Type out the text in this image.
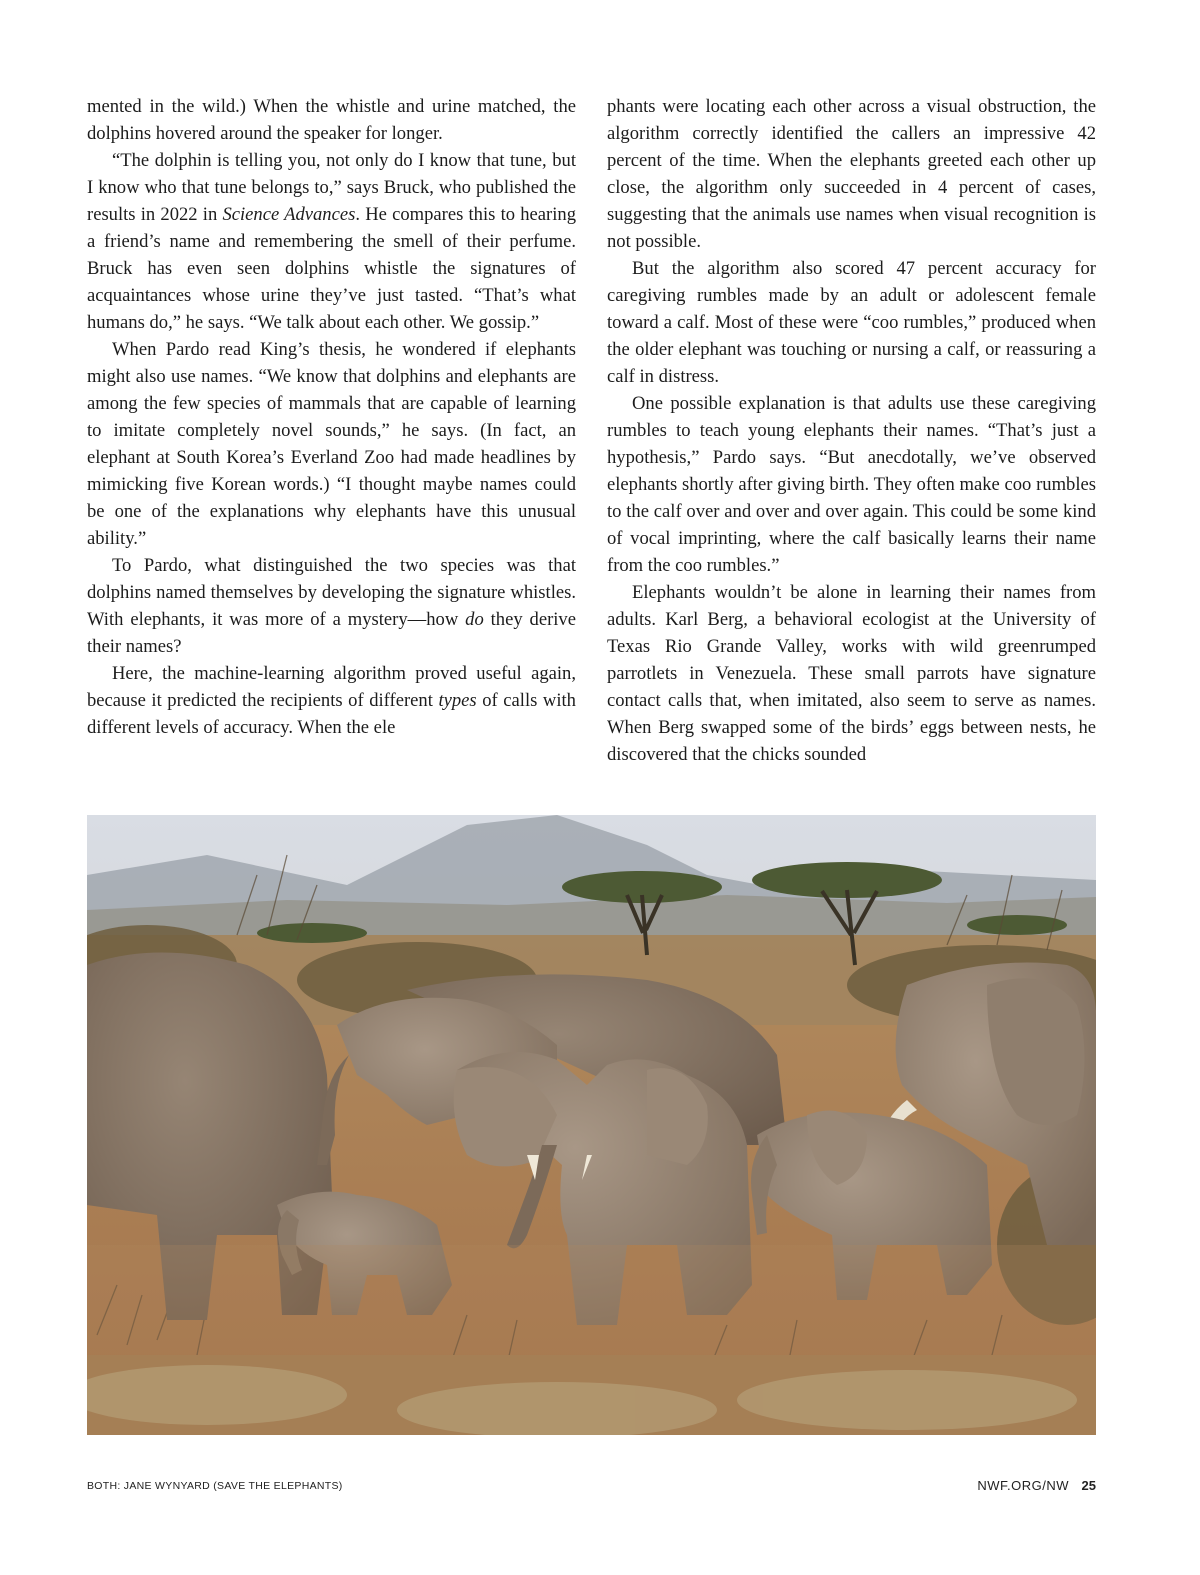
mented in the wild.) When the whistle and urine matched, the dolphins hovered around the speaker for longer.

“The dolphin is telling you, not only do I know that tune, but I know who that tune belongs to,” says Bruck, who published the results in 2022 in Science Advances. He compares this to hearing a friend’s name and remembering the smell of their perfume. Bruck has even seen dolphins whistle the signatures of acquaintances whose urine they’ve just tasted. “That’s what humans do,” he says. “We talk about each other. We gossip.”

When Pardo read King’s thesis, he wondered if elephants might also use names. “We know that dolphins and elephants are among the few species of mammals that are capable of learning to imitate completely novel sounds,” he says. (In fact, an elephant at South Korea’s Everland Zoo had made headlines by mimicking five Korean words.) “I thought maybe names could be one of the explanations why elephants have this unusual ability.”

To Pardo, what distinguished the two species was that dolphins named themselves by developing the signature whistles. With elephants, it was more of a mystery—how do they derive their names?

Here, the machine-learning algorithm proved useful again, because it predicted the recipients of different types of calls with different levels of accuracy. When the ele

phants were locating each other across a visual obstruction, the algorithm correctly identified the callers an impressive 42 percent of the time. When the elephants greeted each other up close, the algorithm only succeeded in 4 percent of cases, suggesting that the animals use names when visual recognition is not possible.

But the algorithm also scored 47 percent accuracy for caregiving rumbles made by an adult or adolescent female toward a calf. Most of these were “coo rumbles,” produced when the older elephant was touching or nursing a calf, or reassuring a calf in distress.

One possible explanation is that adults use these caregiving rumbles to teach young elephants their names. “That’s just a hypothesis,” Pardo says. “But anecdotally, we’ve observed elephants shortly after giving birth. They often make coo rumbles to the calf over and over and over again. This could be some kind of vocal imprinting, where the calf basically learns their name from the coo rumbles.”

Elephants wouldn’t be alone in learning their names from adults. Karl Berg, a behavioral ecologist at the University of Texas Rio Grande Valley, works with wild greenrumped parrotlets in Venezuela. These small parrots have signature contact calls that, when imitated, also seem to serve as names. When Berg swapped some of the birds’ eggs between nests, he discovered that the chicks sounded

BOTH: JANE WYNYARD (SAVE THE ELEPHANTS)	NWF.ORG/NW 25
